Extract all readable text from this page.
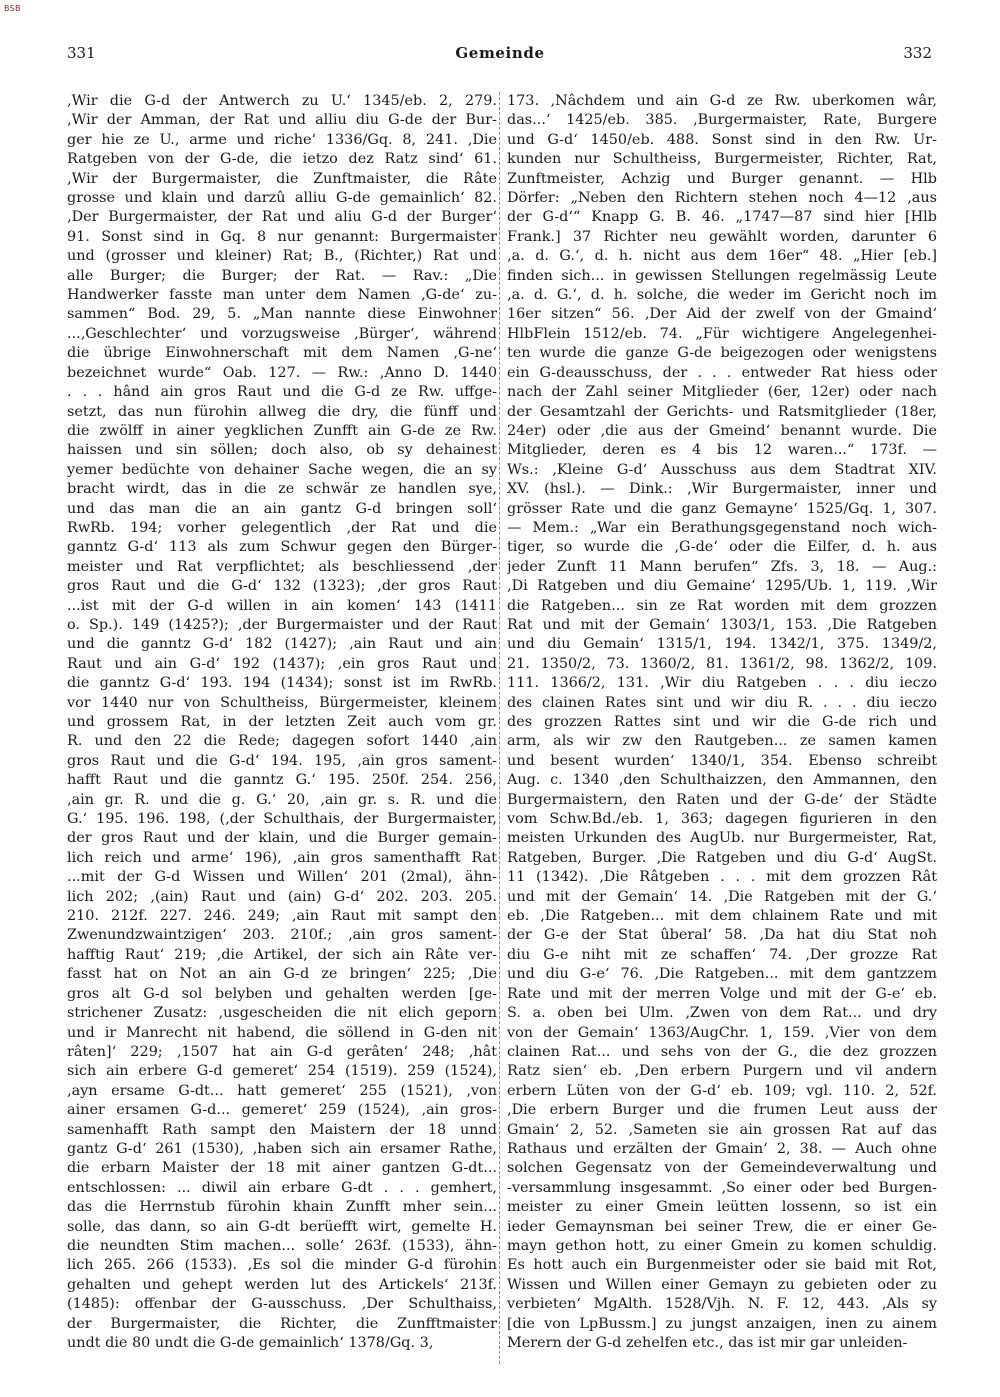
BSB
331	Gemeinde	332
‚Wir die G-d der Antwerch zu U.‘ 1345/eb. 2, 279.
‚Wir der Amman, der Rat und alliu diu G-de der Bur-
ger hie ze U., arme und riche‘ 1336/Gq. 8, 241. ‚Die
Ratgeben von der G-de, die ietzo dez Ratz sind‘ 61.
‚Wir der Burgermaister, die Zunftmaister, die Râte
grosse und klain und darzû alliu G-de gemainlich‘ 82.
‚Der Burgermaister, der Rat und aliu G-d der Burger‘
91. Sonst sind in Gq. 8 nur genannt: Burgermaister
und (grosser und kleiner) Rat; B., (Richter,) Rat und
alle Burger; die Burger; der Rat. — Rav.: „Die
Handwerker fasste man unter dem Namen ‚G-de‘ zu-
sammen“ Bod. 29, 5. „Man nannte diese Einwohner
...‚Geschlechter‘ und vorzugsweise ‚Bürger‘, während
die übrige Einwohnerschaft mit dem Namen ‚G-ne‘
bezeichnet wurde“ Oab. 127. — Rw.: ‚Anno D. 1440
. . . hând ain gros Raut und die G-d ze Rw. uffge-
setzt, das nun fürohin allweg die dry, die fünff und
die zwölff in ainer yegklichen Zunfft ain G-de ze Rw.
haissen und sin söllen; doch also, ob sy dehainest
yemer bedüchte von dehainer Sache wegen, die an sy
bracht wirdt, das in die ze schwär ze handlen sye,
und das man die an ain gantz G-d bringen soll‘
RwRb. 194; vorher gelegentlich ‚der Rat und die
ganntz G-d‘ 113 als zum Schwur gegen den Bürger-
meister und Rat verpflichtet; als beschliessend ‚der
gros Raut und die G-d‘ 132 (1323); ‚der gros Raut
...ist mit der G-d willen in ain komen‘ 143 (1411
o. Sp.). 149 (1425?); ‚der Burgermaister und der Raut
und die ganntz G-d‘ 182 (1427); ‚ain Raut und ain
Raut und ain G-d‘ 192 (1437); ‚ein gros Raut und
die ganntz G-d‘ 193. 194 (1434); sonst ist im RwRb.
vor 1440 nur von Schultheiss, Bürgermeister, kleinem
und grossem Rat, in der letzten Zeit auch vom gr.
R. und den 22 die Rede; dagegen sofort 1440 ‚ain
gros Raut und die G-d‘ 194. 195, ‚ain gros sament-
hafft Raut und die ganntz G.‘ 195. 250f. 254. 256,
‚ain gr. R. und die g. G.‘ 20, ‚ain gr. s. R. und die
G.‘ 195. 196. 198, (‚der Schulthais, der Burgermaister,
der gros Raut und der klain, und die Burger gemain-
lich reich und arme‘ 196), ‚ain gros samenthafft Rat
...mit der G-d Wissen und Willen‘ 201 (2mal), ähn-
lich 202; ‚(ain) Raut und (ain) G-d‘ 202. 203. 205.
210. 212f. 227. 246. 249; ‚ain Raut mit sampt den
Zwenundzwaintzigen‘ 203. 210f.; ‚ain gros sament-
hafftig Raut‘ 219; ‚die Artikel, der sich ain Râte ver-
fasst hat on Not an ain G-d ze bringen‘ 225; ‚Die
gros alt G-d sol belyben und gehalten werden [ge-
strichener Zusatz: ‚usgescheiden die nit elich geporn
und ir Manrecht nit habend, die söllend in G-den nit
râten]‘ 229; ‚1507 hat ain G-d gerâten‘ 248; ‚hât
sich ain erbere G-d gemeret‘ 254 (1519). 259 (1524),
‚ayn ersame G-dt... hatt gemeret‘ 255 (1521), ‚von
ainer ersamen G-d... gemeret‘ 259 (1524), ‚ain gros-
samenhafft Rath sampt den Maistern der 18 unnd
gantz G-d‘ 261 (1530), ‚haben sich ain ersamer Rathe,
die erbarn Maister der 18 mit ainer gantzen G-dt...
entschlossen: ... diwil ain erbare G-dt . . . gemhert,
das die Herrnstub fürohin khain Zunfft mher sein...
solle, das dann, so ain G-dt berüefft wirt, gemelte H.
die neundten Stim machen... solle‘ 263f. (1533), ähn-
lich 265. 266 (1533). ‚Es sol die minder G-d fürohin
gehalten und gehept werden lut des Artickels‘ 213f.
(1485): offenbar der G-ausschuss. ‚Der Schulthaiss,
der Burgermaister, die Richter, die Zunfftmaister
undt die 80 undt die G-de gemainlich‘ 1378/Gq. 3,
173. ‚Nâchdem und ain G-d ze Rw. uberkomen wâr,
das...‘ 1425/eb. 385. ‚Burgermaister, Rate, Burgere
und G-d‘ 1450/eb. 488. Sonst sind in den Rw. Ur-
kunden nur Schultheiss, Burgermeister, Richter, Rat,
Zunftmeister, Achzig und Burger genannt. — Hlb
Dörfer: „Neben den Richtern stehen noch 4—12 ‚aus
der G-d‘“ Knapp G. B. 46. „1747—87 sind hier [Hlb
Frank.] 37 Richter neu gewählt worden, darunter 6
‚a. d. G.‘, d. h. nicht aus dem 16er“ 48. „Hier [eb.]
finden sich... in gewissen Stellungen regelmässig Leute
‚a. d. G.‘, d. h. solche, die weder im Gericht noch im
16er sitzen“ 56. ‚Der Aid der zwelf von der Gmaind‘
HlbFlein 1512/eb. 74. „Für wichtigere Angelegenhei-
ten wurde die ganze G-de beigezogen oder wenigstens
ein G-deausschuss, der . . . entweder Rat hiess oder
nach der Zahl seiner Mitglieder (6er, 12er) oder nach
der Gesamtzahl der Gerichts- und Ratsmitglieder (18er,
24er) oder ‚die aus der Gmeind‘ benannt wurde. Die
Mitglieder, deren es 4 bis 12 waren...“ 173f. —
Ws.: ‚Kleine G-d‘ Ausschuss aus dem Stadtrat XIV.
XV. (hsl.). — Dink.: ‚Wir Burgermaister, inner und
grösser Rate und die ganz Gemayne‘ 1525/Gq. 1, 307.
— Mem.: „War ein Berathungsgegenstand noch wich-
tiger, so wurde die ‚G-de‘ oder die Eilfer, d. h. aus
jeder Zunft 11 Mann berufen“ Zfs. 3, 18. — Aug.:
‚Di Ratgeben und diu Gemaine‘ 1295/Ub. 1, 119. ‚Wir
die Ratgeben... sin ze Rat worden mit dem grozzen
Rat und mit der Gemain‘ 1303/1, 153. ‚Die Ratgeben
und diu Gemain‘ 1315/1, 194. 1342/1, 375. 1349/2,
21. 1350/2, 73. 1360/2, 81. 1361/2, 98. 1362/2, 109.
111. 1366/2, 131. ‚Wir diu Ratgeben . . . diu ieczo
des clainen Rates sint und wir diu R. . . . diu ieczo
des grozzen Rattes sint und wir die G-de rich und
arm, als wir zw den Rautgeben... ze samen kamen
und besent wurden‘ 1340/1, 354. Ebenso schreibt
Aug. c. 1340 ‚den Schulthaizzen, den Ammannen, den
Burgermaistern, den Raten und der G-de‘ der Städte
vom Schw.Bd./eb. 1, 363; dagegen figurieren in den
meisten Urkunden des AugUb. nur Burgermeister, Rat,
Ratgeben, Burger. ‚Die Ratgeben und diu G-d‘ AugSt.
11 (1342). ‚Die Râtgeben . . . mit dem grozzen Rât
und mit der Gemain‘ 14. ‚Die Ratgeben mit der G.‘
eb. ‚Die Ratgeben... mit dem chlainem Rate und mit
der G-e der Stat ûberal‘ 58. ‚Da hat diu Stat noh
diu G-e niht mit ze schaffen‘ 74. ‚Der grozze Rat
und diu G-e‘ 76. ‚Die Ratgeben... mit dem gantzzem
Rate und mit der merren Volge und mit der G-e‘ eb.
S. a. oben bei Ulm. ‚Zwen von dem Rat... und dry
von der Gemain‘ 1363/AugChr. 1, 159. ‚Vier von dem
clainen Rat... und sehs von der G., die dez grozzen
Ratz sien‘ eb. ‚Den erbern Purgern und vil andern
erbern Lüten von der G-d‘ eb. 109; vgl. 110. 2, 52f.
‚Die erbern Burger und die frumen Leut auss der
Gmain‘ 2, 52. ‚Sameten sie ain grossen Rat auf das
Rathaus und erzälten der Gmain‘ 2, 38. — Auch ohne
solchen Gegensatz von der Gemeindeverwaltung und
-versammlung insgesammt. ‚So einer oder bed Burgen-
meister zu einer Gmein leütten lossenn, so ist ein
ieder Gemaynsman bei seiner Trew, die er einer Ge-
mayn gethon hott, zu einer Gmein zu komen schuldig.
Es hott auch ein Burgenmeister oder sie baid mit Rot,
Wissen und Willen einer Gemayn zu gebieten oder zu
verbieten‘ MgAlth. 1528/Vjh. N. F. 12, 443. ‚Als sy
[die von LpBussm.] zu jungst anzaigen, inen zu ainem
Merern der G-d zehelfen etc., das ist mir gar unleiden-
